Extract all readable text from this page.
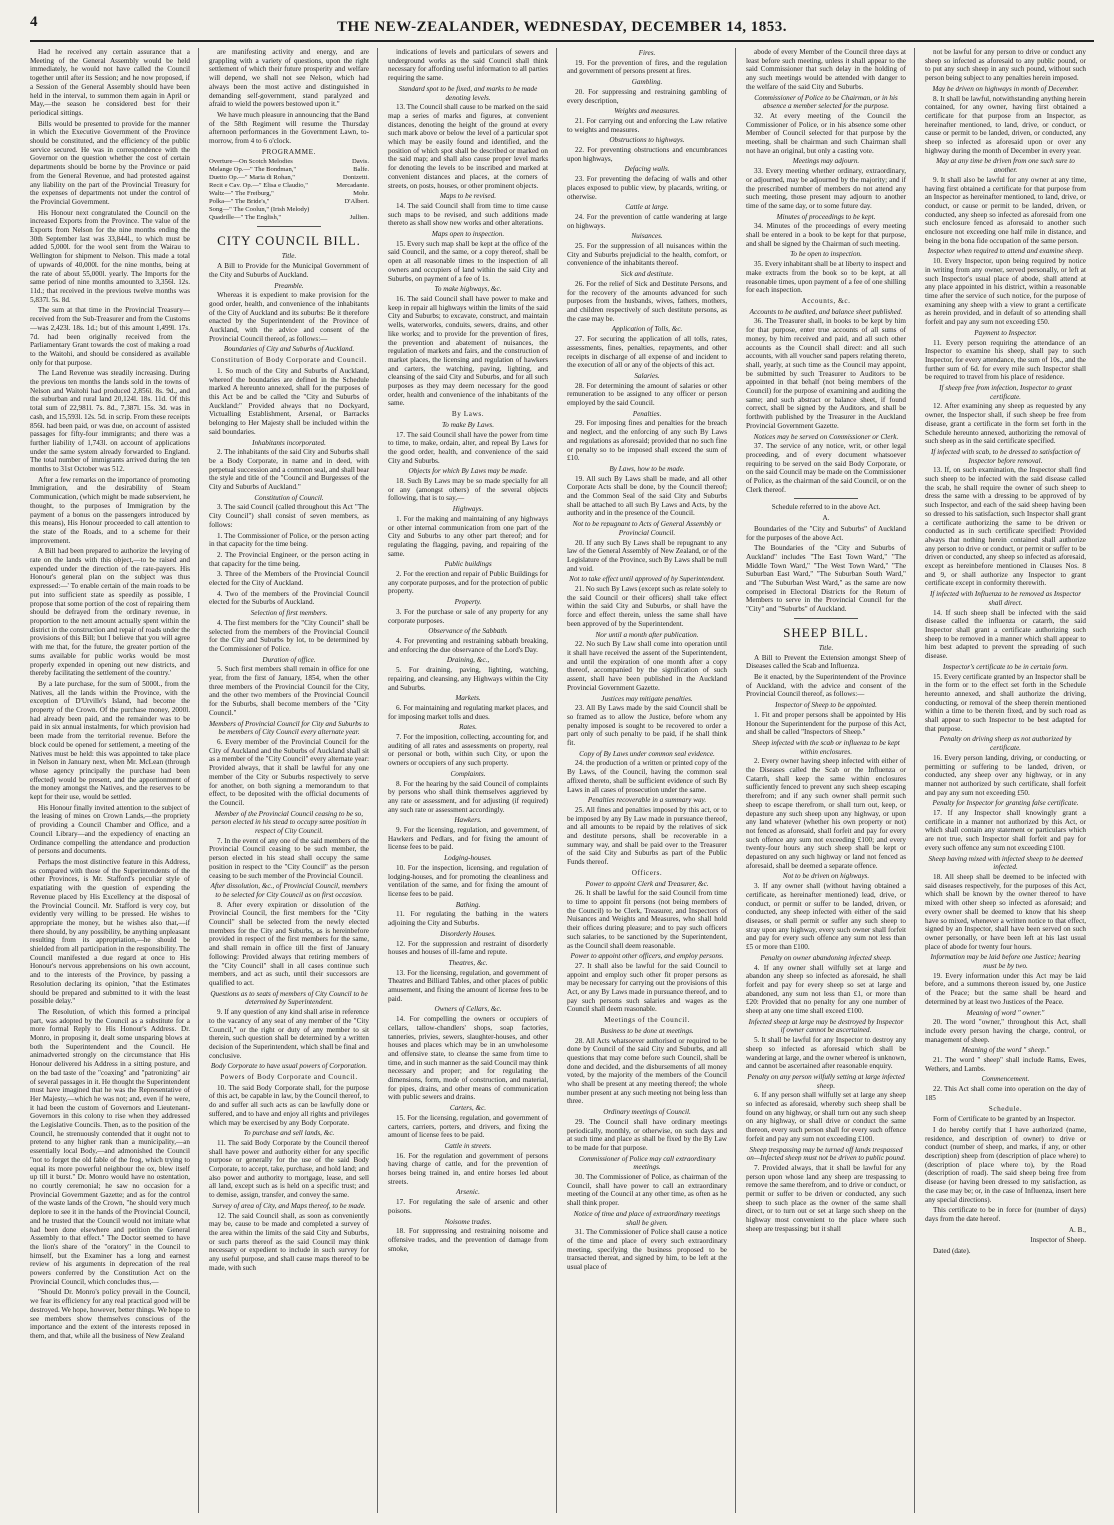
4	THE NEW-ZEALANDER, WEDNESDAY, DECEMBER 14, 1853.

Had he received any certain assurance that a Meeting of the General Assembly would be held immediately, he would not have called the Council together until after its Session; and he now proposed, if a Session of the General Assembly should have been held in the interval, to summon them again in April or May,—the season he considered best for their periodical sittings.

Bills would be presented to provide for the manner in which the Executive Government of the Province should be constituted, and the efficiency of the public service secured. He was in correspondence with the Governor on the question whether the cost of certain departments should be borne by the Province or paid from the General Revenue, and had protested against any liability on the part of the Provincial Treasury for the expenses of departments not under the control of the Provincial Government.

His Honour next congratulated the Council on the increased Exports from the Province. The value of the Exports from Nelson for the nine months ending the 30th September last was 33,844l., to which must be added 5,000l. for the wool sent from the Wairau to Wellington for shipment to Nelson. This made a total of upwards of 40,000l. for the nine months, being at the rate of about 55,000l. yearly. The Imports for the same period of nine months amounted to 3,356l. 12s. 11d.; that received in the previous twelve months was 5,837l. 5s. 8d.

The sum at that time in the Provincial Treasury—received from the Sub-Treasurer and from the Customs—was 2,423l. 18s. 1d.; but of this amount 1,499l. 17s. 7d. had been originally received from the Parliamentary Grant towards the cost of making a road to the Waitohi, and should be considered as available only for that purpose.

The Land Revenue was steadily increasing. During the previous ten months the lands sold in the towns of Nelson and Waitohi had produced 2,856l. 8s. 9d., and the suburban and rural land 20,124l. 18s. 11d. Of this total sum of 22,981l. 7s. 8d., 7,387l. 15s. 3d. was in cash, and 15,593l. 12s. 5d. in scrip. From these receipts 856l. had been paid, or was due, on account of assisted passages for fifty-four immigrants; and there was a further liability of 1,743l. on account of applications under the same system already forwarded to England. The total number of immigrants arrived during the ten months to 31st October was 512.

After a few remarks on the importance of promoting Immigration, and the desirability of Steam Communication, (which might be made subservient, he thought, to the purposes of Immigration by the payment of a bonus on the passengers introduced by this means), His Honour proceeded to call attention to the state of the Roads, and to a scheme for their improvement.

A Bill had been prepared to authorize the levying of rate on the lands with this object,—to be raised and expended under the direction of the rate-payers. His Honour's general plan on the subject was thus expressed:—' To enable certain of the main roads to be put into sufficient state as speedily as possible, I propose that some portion of the cost of repairing them should be defrayed from the ordinary revenue, in proportion to the nett amount actually spent within the district in the construction and repair of roads under the provisions of this Bill; but I believe that you will agree with me that, for the future, the greater portion of the sums available for public works would be most properly expended in opening out new districts, and thereby facilitating the settlement of the country.'

By a late purchase, for the sum of 5000l., from the Natives, all the lands within the Province, with the exception of D'Urville's Island, had become the property of the Crown. Of the purchase money, 2000l. had already been paid, and the remainder was to be paid in six annual instalments, for which provision had been made from the territorial revenue. Before the block could be opened for settlement, a meeting of the Natives must be held: this was appointed to take place in Nelson in January next, when Mr. McLean (through whose agency principally the purchase had been effected) would be present, and the apportionment of the money amongst the Natives, and the reserves to be kept for their use, would be settled.

His Honour finally invited attention to the subject of the leasing of mines on Crown Lands,—the propriety of providing a Council Chamber and Office, and a Council Library—and the expediency of enacting an Ordinance compelling the attendance and production of persons and documents.

Perhaps the most distinctive feature in this Address, as compared with those of the Superintendents of the other Provinces, is Mr. Stafford's peculiar style of expatiating with the question of expending the Revenue placed by His Excellency at the disposal of the Provincial Council. Mr. Stafford is very coy, but evidently very willing to be pressed. He wishes to appropriate the money, but he wishes also that,—if there should, by any possibility, be anything unpleasant resulting from its appropriation,—he should be shielded from all participation in the responsibility. The Council manifested a due regard at once to His Honour's nervous apprehensions on his own account, and to the interests of the Province, by passing a Resolution declaring its opinion, "that the Estimates should be prepared and submitted to it with the least possible delay."

The Resolution, of which this formed a principal part, was adopted by the Council as a substitute for a more formal Reply to His Honour's Address. Dr. Monro, in proposing it, dealt some unsparing blows at both the Superintendent and the Council. He animadverted strongly on the circumstance that His Honour delivered his Address in a sitting posture, and on the bad taste of the "coaxing" and "patronizing" air of several passages in it. He thought the Superintendent must have imagined that he was the Representative of Her Majesty,—which he was not; and, even if he were, it had been the custom of Governors and Lieutenant-Governors in this colony to rise when they addressed the Legislative Councils. Then, as to the position of the Council, he strenuously contended that it ought not to pretend to any higher rank than a municipality,—an essentially local Body,—and admonished the Council "not to forget the old fable of the frog, which trying to equal its more powerful neighbour the ox, blew itself up till it burst." Dr. Monro would have no ostentation, no courtly ceremonial; he saw no occasion for a Provincial Government Gazette; and as for the control of the waste lands of the Crown, "he should very much deplore to see it in the hands of the Provincial Council, and he trusted that the Council would not imitate what had been done elsewhere and petition the General Assembly to that effect." The Doctor seemed to have the lion's share of the "oratory" in the Council to himself, but the Examiner has a long and earnest review of his arguments in deprecation of the real powers conferred by the Constitution Act on the Provincial Council, which concludes thus,—

"Should Dr. Monro's policy prevail in the Council, we fear its efficiency for any real practical good will be destroyed. We hope, however, better things. We hope to see members show themselves conscious of the importance and the extent of the interests reposed in them, and that, while all the business of New Zealand

are manifesting activity and energy, and are grappling with a variety of questions, upon the right settlement of which their future prosperity and welfare will depend, we shall not see Nelson, which had always been the most active and distinguished in demanding self-government, stand paralyzed and afraid to wield the powers bestowed upon it."

We have much pleasure in announcing that the Band of the 58th Regiment will resume the Thursday afternoon performances in the Government Lawn, to-morrow, from 4 to 6 o'clock.

PROGRAMME.
Overture—On Scotch Melodies	Davis.
Melange Op.—" The Bondman,"	Balfe.
Duetto Op.—" Maria di Rohan,"	Donizetti.
Recit e Cav. Op.—" Elisa e Claudio,"	Mercadante.
Waltz—" The Freiburg,"	Mohr.
Polka—" The Bride's,"	D'Albert.
Song—" The Coolun," (Irish Melody)
Quadrille—" The English,"	Jullien.
CITY COUNCIL BILL.
Title.

A Bill to Provide for the Municipal Government of the City and Suburbs of Auckland.

Preamble.

Whereas it is expedient to make provision for the good order, health, and convenience of the inhabitants of the City of Auckland and its suburbs: Be it therefore enacted by the Superintendent of the Province of Auckland, with the advice and consent of the Provincial Council thereof, as follows:—

Boundaries of City and Suburbs of Auckland.
Constitution of Body Corporate and Council.

1. So much of the City and Suburbs of Auckland, whereof the boundaries are defined in the Schedule marked A hereunto annexed, shall for the purposes of this Act be and be called the "City and Suburbs of Auckland:" Provided always that no Dockyard, Victualling Establishment, Arsenal, or Barracks belonging to Her Majesty shall be included within the said boundaries.

Inhabitants incorporated.

2. The inhabitants of the said City and Suburbs shall be a Body Corporate, in name and in deed, with perpetual succession and a common seal, and shall bear the style and title of the "Council and Burgesses of the City and Suburbs of Auckland."

Constitution of Council.

3. The said Council (called throughout this Act "The City Council") shall consist of seven members, as follows:

1. The Commissioner of Police, or the person acting in that capacity for the time being.

2. The Provincial Engineer, or the person acting in that capacity for the time being.

3. Three of the Members of the Provincial Council elected for the City of Auckland.

4. Two of the members of the Provincial Council elected for the Suburbs of Auckland.

Selection of first members.

4. The first members for the "City Council" shall be selected from the members of the Provincial Council for the City and Suburbs by lot, to be determined by the Commissioner of Police.

Duration of office.

5. Such first members shall remain in office for one year, from the first of January, 1854, when the other three members of the Provincial Council for the City, and the other two members of the Provincial Council for the Suburbs, shall become members of the "City Council."

Members of Provincial Council for City and Suburbs to be members of City Council every alternate year.

6. Every member of the Provincial Council for the City of Auckland and the Suburbs of Auckland shall sit as a member of the "City Council" every alternate year: Provided always, that it shall be lawful for any one member of the City or Suburbs respectively to serve for another, on both signing a memorandum to that effect, to be deposited with the official documents of the Council.

Member of the Provincial Council ceasing to be so, person elected in his stead to occupy same position in respect of City Council.

7. In the event of any one of the said members of the Provincial Council ceasing to be such member, the person elected in his stead shall occupy the same position in respect to the "City Council" as the person ceasing to be such member of the Provincial Council.

After dissolution, &c., of Provincial Council, members to be selected for City Council as on first occasion.

8. After every expiration or dissolution of the Provincial Council, the first members for the "City Council" shall be selected from the newly elected members for the City and Suburbs, as is hereinbefore provided in respect of the first members for the same, and shall remain in office till the first of January following: Provided always that retiring members of the "City Council" shall in all cases continue such members, and act as such, until their successors are qualified to act.

Questions as to seats of members of City Council to be determined by Superintendent.

9. If any question of any kind shall arise in reference to the vacancy of any seat of any member of the "City Council," or the right or duty of any member to sit therein, such question shall be determined by a written decision of the Superintendent, which shall be final and conclusive.

Body Corporate to have usual powers of Corporation.
Powers of Body Corporate and Council.

10. The said Body Corporate shall, for the purpose of this act, be capable in law, by the Council thereof, to do and suffer all such acts as can be lawfully done or suffered, and to have and enjoy all rights and privileges which may be exercised by any Body Corporate.

To purchase and sell lands, &c.

11. The said Body Corporate by the Council thereof shall have power and authority either for any specific purpose or generally for the use of the said Body Corporate, to accept, take, purchase, and hold land; and also power and authority to mortgage, lease, and sell all land, except such as is held on a specific trust; and to demise, assign, transfer, and convey the same.

Survey of area of City, and Maps thereof, to be made.

12. The said Council shall, as soon as conveniently may be, cause to be made and completed a survey of the area within the limits of the said City and Suburbs, or such parts thereof as the said Council may think necessary or expedient to include in such survey for any useful purpose, and shall cause maps thereof to be made, with such

indications of levels and particulars of sewers and underground works as the said Council shall think necessary for affording useful information to all parties requiring the same.

Standard spot to be fixed, and marks to be made denoting levels.

13. The Council shall cause to be marked on the said map a series of marks and figures, at convenient distances, denoting the height of the ground at every such mark above or below the level of a particular spot which may be easily found and identified, and the position of which spot shall be described or marked on the said map; and shall also cause proper level marks for denoting the levels to be inscribed and marked at convenient distances and places, at the corners of streets, on posts, houses, or other prominent objects.

Maps to be revised.

14. The said Council shall from time to time cause such maps to be revised, and such additions made thereto as shall show new works and other alterations.

Maps open to inspection.

15. Every such map shall be kept at the office of the said Council, and the same, or a copy thereof, shall be open at all reasonable times to the inspection of all owners and occupiers of land within the said City and Suburbs, on payment of a fee of 1s.

To make highways, &c.

16. The said Council shall have power to make and keep in repair all highways within the limits of the said City and Suburbs; to excavate, construct, and maintain wells, waterworks, conduits, sewers, drains, and other like works; and to provide for the prevention of fires, the prevention and abatement of nuisances, the regulation of markets and fairs, and the construction of market places, the licensing and regulation of hawkers and carters, the watching, paving, lighting, and cleansing of the said City and Suburbs, and for all such purposes as they may deem necessary for the good order, health and convenience of the inhabitants of the same.

By Laws.
To make By Laws.

17. The said Council shall have the power from time to time, to make, ordain, alter, and repeal By Laws for the good order, health, and convenience of the said City and Suburbs.

Objects for which By Laws may be made.

18. Such By Laws may be so made specially for all or any (amongst others) of the several objects following, that is to say,—

Highways.

1. For the making and maintaining of any highways or other internal communication from one part of the City and Suburbs to any other part thereof; and for regulating the flagging, paving, and repairing of the same.

Public buildings

2. For the erection and repair of Public Buildings for any corporate purposes, and for the protection of public property.

Property.

3. For the purchase or sale of any property for any corporate purposes.

Observance of the Sabbath.

4. For preventing and restraining sabbath breaking, and enforcing the due observance of the Lord's Day.

Draining, &c.,

5. For draining, paving, lighting, watching, repairing, and cleansing, any Highways within the City and Suburbs.

Markets.

6. For maintaining and regulating market places, and for imposing market tolls and dues.

Rates.

7. For the imposition, collecting, accounting for, and auditing of all rates and assessments on property, real or personal or both, within such City, or upon the owners or occupiers of any such property.

Complaints.

8. For the hearing by the said Council of complaints by persons who shall think themselves aggrieved by any rate or assessment, and for adjusting (if required) any such rate or assessment accordingly.

Hawkers.

9. For the licensing, regulation, and government, of Hawkers and Pedlars, and for fixing the amount of license fees to be paid.

Lodging-houses.

10. For the inspection, licensing, and regulation of lodging-houses, and for promoting the cleanliness and ventilation of the same, and for fixing the amount of license fees to be paid.

Bathing.

11. For regulating the bathing in the waters adjoining the City and Suburbs.

Disorderly Houses.

12. For the suppression and restraint of disorderly houses and houses of ill-fame and repute.

Theatres, &c.

13. For the licensing, regulation, and government of Theatres and Billiard Tables, and other places of public amusement, and fixing the amount of license fees to be paid.

Owners of Cellars, &c.

14. For compelling the owners or occupiers of cellars, tallow-chandlers' shops, soap factories, tanneries, privies, sewers, slaughter-houses, and other houses and places which may be in an unwholesome and offensive state, to cleanse the same from time to time, and in such manner as the said Council may think necessary and proper; and for regulating the dimensions, form, mode of construction, and material, for pipes, drains, and other means of communication with public sewers and drains.

Carters, &c.

15. For the licensing, regulation, and government of carters, carriers, porters, and drivers, and fixing the amount of license fees to be paid.

Cattle in streets.

16. For the regulation and government of persons having charge of cattle, and for the prevention of horses being trained in, and entire horses led about streets.

Arsenic.

17. For regulating the sale of arsenic and other poisons.

Noisome trades.

18. For suppressing and restraining noisome and offensive trades, and the prevention of damage from smoke,

Fires.

19. For the prevention of fires, and the regulation and government of persons present at fires.

Gambling.

20. For suppressing and restraining gambling of every description,

Weights and measures.

21. For carrying out and enforcing the Law relative to weights and measures.

Obstructions to highways.

22. For preventing obstructions and encumbrances upon highways,

Defacing walls.

23. For preventing the defacing of walls and other places exposed to public view, by placards, writing, or otherwise.

Cattle at large.

24. For the prevention of cattle wandering at large on highways.

Nuisances.

25. For the suppression of all nuisances within the City and Suburbs prejudicial to the health, comfort, or convenience of the inhabitants thereof.

Sick and destitute.

26. For the relief of Sick and Destitute Persons, and for the recovery of the amounts advanced for such purposes from the husbands, wives, fathers, mothers, and children respectively of such destitute persons, as the case may be.

Application of Tolls, &c.

27. For securing the application of all tolls, rates, assessments, fines, penalties, repayments, and other receipts in discharge of all expense of and incident to the execution of all or any of the objects of this act.

Salaries.

28. For determining the amount of salaries or other remuneration to be assigned to any officer or person employed by the said Council.

Penalties.

29. For imposing fines and penalties for the breach and neglect, and the enforcing of any such By Laws and regulations as aforesaid; provided that no such fine or penalty so to be imposed shall exceed the sum of £10.

By Laws, how to be made.

19. All such By Laws shall be made, and all other Corporate Acts shall be done, by the Council thereof; and the Common Seal of the said City and Suburbs shall be attached to all such By Laws and Acts, by the authority and in the presence of the Council.

Not to be repugnant to Acts of General Assembly or Provincial Council.

20. If any such By Laws shall be repugnant to any law of the General Assembly of New Zealand, or of the Legislature of the Province, such By Laws shall be null and void.

Not to take effect until approved of by Superintendent.

21. No such By Laws (except such as relate solely to the said Council or their officers) shall take effect within the said City and Suburbs, or shall have the force and effect therein, unless the same shall have been approved of by the Superintendent.

Nor until a month after publication.

22. No such By Law shall come into operation until it shall have received the assent of the Superintendent, and until the expiration of one month after a copy thereof, accompanied by the signification of such assent, shall have been published in the Auckland Provincial Government Gazette.

Justices may mitigate penalties.

23. All By Laws made by the said Council shall be so framed as to allow the Justice, before whom any penalty imposed is sought to be recovered to order a part only of such penalty to be paid, if he shall think fit.

Copy of By Laws under common seal evidence.

24. the production of a written or printed copy of the By Laws, of the Council, having the common seal affixed thereto, shall be sufficient evidence of such By Laws in all cases of prosecution under the same.

Penalties recoverable in a summary way.

25. All fines and penalties imposed by this act, or to be imposed by any By Law made in pursuance thereof, and all amounts to be repaid by the relatives of sick and destitute persons, shall be recoverable in a summary way, and shall be paid over to the Treasurer of the said City and Suburbs as part of the Public Funds thereof.

Officers.
Power to appoint Clerk and Treasurer, &c.

26. It shall be lawful for the said Council from time to time to appoint fit persons (not being members of the Council) to be Clerk, Treasurer, and Inspectors of Nuisances and Weights and Measures, who shall hold their offices during pleasure; and to pay such officers such salaries, to be sanctioned by the Superintendent, as the Council shall deem reasonable.

Power to appoint other officers, and employ persons.

27. It shall also be lawful for the said Council to appoint and employ such other fit proper persons as may be necessary for carrying out the provisions of this Act, or any By Laws made in pursuance thereof, and to pay such persons such salaries and wages as the Council shall deem reasonable.

Meetings of the Council.
Business to be done at meetings.

28. All Acts whatsoever authorised or required to be done by Council of the said City and Suburbs, and all questions that may come before such Council, shall be done and decided, and the disbursements of all money voted, by the majority of the members of the Council who shall be present at any meeting thereof; the whole number present at any such meeting not being less than three.

Ordinary meetings of Council.

29. The Council shall have ordinary meetings periodically, monthly, or otherwise, on such days and at such time and place as shall be fixed by the By Law to be made for that purpose.

Commissioner of Police may call extraordinary meetings.

30. The Commissioner of Police, as chairman of the Council, shall have power to call an extraordinary meeting of the Council at any other time, as often as he shall think proper.

Notice of time and place of extraordinary meetings shall be given.

31. The Commissioner of Police shall cause a notice of the time and place of every such extraordinary meeting, specifying the business proposed to be transacted thereat, and signed by him, to be left at the usual place of

abode of every Member of the Council three days at least before such meeting, unless it shall appear to the said Commissioner that such delay in the holding of any such meetings would be attended with danger to the welfare of the said City and Suburbs.

Commissioner of Police to be Chairman, or in his absence a member selected for the purpose.

32. At every meeting of the Council the Commissioner of Police, or in his absence some other Member of Council selected for that purpose by the meeting, shall be chairman and such Chairman shall not have an original, but only a casting vote.

Meetings may adjourn.

33. Every meeting whether ordinary, extraordinary, or adjourned, may be adjourned by the majority; and if the prescribed number of members do not attend any such meeting, those present may adjourn to another time of the same day, or to some future day.

Minutes of proceedings to be kept.

34. Minutes of the proceedings of every meeting shall be entered in a book to be kept for that purpose, and shall be signed by the Chairman of such meeting.

To be open to inspection.

35. Every inhabitant shall be at liberty to inspect and make extracts from the book so to be kept, at all reasonable times, upon payment of a fee of one shilling for each inspection.

Accounts, &c.
Accounts to be audited, and balance sheet published.

36. The Treasurer shall, in books to be kept by him for that purpose, enter true accounts of all sums of money, by him received and paid, and all such other accounts as the Council shall direct: and all such accounts, with all voucher sand papers relating thereto, shall, yearly, at such time as the Council may appoint, be submitted by such Treasurer to Auditors to be appointed in that behalf (not being members of the Council) for the purpose of examining and auditing the same; and such abstract or balance sheet, if found correct, shall be signed by the Auditors, and shall be forthwith published by the Treasurer in the Auckland Provincial Government Gazette.

Notices may be served on Commissioner or Clerk.

37. The service of any notice, writ, or other legal proceeding, and of every document whatsoever requiring to be served on the said Body Corporate, or on the said Council may be made on the Commissioner of Police, as the chairman of the said Council, or on the Clerk thereof.

Schedule referred to in the above Act.

A.

Boundaries of the "City and Suburbs" of Auckland for the purposes of the above Act.

The Boundaries of the "City and Suburbs of Auckland" includes "The East Town Ward," "The Middle Town Ward," "The West Town Ward," "The Suburban East Ward," "The Suburban South Ward," and "The Suburban West Ward," as the same are now comprised in Electoral Districts for the Return of Members to serve in the Provincial Council for the "City" and "Suburbs" of Auckland.

SHEEP BILL.
Title.

A Bill to Prevent the Extension amongst Sheep of Diseases called the Scab and Influenza.

Be it enacted, by the Superintendent of the Province of Auckland, with the advice and consent of the Provincial Council thereof, as follows:—

Inspector of Sheep to be appointed.

1. Fit and proper persons shall be appointed by His Honour the Superintendent for the purpose of this Act, and shall be called "Inspectors of Sheep."

Sheep infected with the scab or influenza to be kept within enclosures.

2. Every owner having sheep infected with either of the Diseases called the Scab or the Influenza or Catarrh, shall keep the same within enclosures sufficiently fenced to prevent any such sheep escaping therefrom; and if any such owner shall permit such sheep to escape therefrom, or shall turn out, keep, or depasture any such sheep upon any highway, or upon any land whatever (whether his own property or not) not fenced as aforesaid, shall forfeit and pay for every such offence any sum not exceeding £100; and every twenty-four hours any such sheep shall be kept or depastured on any such highway or land not fenced as aforesaid, shall be deemed a separate offence.

Not to be driven on highways.

3. If any owner shall (without having obtained a certificate, as hereinafter mentioned) lead, drive, or conduct, or permit or suffer to be landed, driven, or conducted, any sheep infected with either of the said diseases, or shall permit or suffer any such sheep to stray upon any highway, every such owner shall forfeit and pay for every such offence any sum not less than £5 or more than £100.

Penalty on owner abandoning infected sheep.

4. If any owner shall wilfully set at large and abandon any sheep so infected as aforesaid, he shall forfeit and pay for every sheep so set at large and abandoned, any sum not less than £1, or more than £20: Provided that no penalty for any one number of sheep at any one time shall exceed £100.

Infected sheep at large may be destroyed by Inspector if owner cannot be ascertained.

5. It shall be lawful for any Inspector to destroy any sheep so infected as aforesaid which shall be wandering at large, and the owner whereof is unknown, and cannot be ascertained after reasonable enquiry.

Penalty on any person wilfully setting at large infected sheep.

6. If any person shall wilfully set at large any sheep so infected as aforesaid, whereby such sheep shall be found on any highway, or shall turn out any such sheep on any highway, or shall drive or conduct the same thereon, every such person shall for every such offence forfeit and pay any sum not exceeding £100.

Sheep trespassing may be turned off lands trespassed on—Infected sheep must not be driven to public pound.

7. Provided always, that it shall be lawful for any person upon whose land any sheep are trespassing to remove the same therefrom, and to drive or conduct, or permit or suffer to be driven or conducted, any such sheep to such place as the owner of the same shall direct, or to turn out or set at large such sheep on the highway most convenient to the place where such sheep are trespassing; but it shall

not be lawful for any person to drive or conduct any sheep so infected as aforesaid to any public pound, or to put any such sheep in any such pound, without such person being subject to any penalties herein imposed.

May be driven on highways in month of December.

8. It shall be lawful, notwithstanding anything herein contained, for any owner, having first obtained a certificate for that purpose from an Inspector, as hereinafter mentioned, to land, drive, or conduct, or cause or permit to be landed, driven, or conducted, any sheep so infected as aforesaid upon or over any highway during the month of December in every year.

May at any time be driven from one such sure to another.

9. It shall also be lawful for any owner at any time, having first obtained a certificate for that purpose from an Inspector as hereinafter mentioned, to land, drive, or conduct, or cause or permit to be landed, driven, or conducted, any sheep so infected as aforesaid from one such enclosure fenced as aforesaid to another such enclosure not exceeding one half mile in distance, and being in the bona fide occupation of the same person.

Inspector when required to attend and examine sheep.

10. Every Inspector, upon being required by notice in writing from any owner, served personally, or left at such Inspector's usual place of abode, shall attend at any place appointed in his district, within a reasonable time after the service of such notice, for the purpose of examining any sheep with a view to grant a certificate as herein provided, and in default of so attending shall forfeit and pay any sum not exceeding £50.

Payment to Inspector.

11. Every person requiring the attendance of an Inspector to examine his sheep, shall pay to such Inspector, for every attendance, the sum of 10s., and the further sum of 6d. for every mile such Inspector shall be required to travel from his place of residence.

If sheep free from infection, Inspector to grant certificate.

12. After examining any sheep as requested by any owner, the Inspector shall, if such sheep be free from disease, grant a certificate in the form set forth in the Schedule hereunto annexed, authorizing the removal of such sheep as in the said certificate specified.

If infected with scab, to be dressed to satisfaction of Inspector before removal.

13. If, on such examination, the Inspector shall find such sheep to be infected with the said disease called the scab, he shall require the owner of such sheep to dress the same with a dressing to be approved of by such Inspector, and each of the said sheep having been so dressed to his satisfaction, such Inspector shall grant a certificate authorizing the same to be driven or conducted as in such certificate specified: Provided always that nothing herein contained shall authorize any person to drive or conduct, or permit or suffer to be driven or conducted, any sheep so infected as aforesaid, except as hereinbefore mentioned in Clauses Nos. 8 and 9, or shall authorize any Inspector to grant certificate except in conformity therewith.

If infected with Influenza to be removed as Inspector shall direct.

14. If such sheep shall be infected with the said disease called the influenza or catarrh, the said Inspector shall grant a certificate authorizing such sheep to be removed in a manner which shall appear to him best adapted to prevent the spreading of such disease.

Inspector's certificate to be in certain form.

15. Every certificate granted by an Inspector shall be in the form or to the effect set forth in the Schedule hereunto annexed, and shall authorize the driving, conducting, or removal of the sheep therein mentioned within a time to be therein fixed, and by such road as shall appear to such Inspector to be best adapted for that purpose.

Penalty on driving sheep as not authorized by certificate.

16. Every person landing, driving, or conducting, or permitting or suffering to be landed, driven, or conducted, any sheep over any highway, or in any manner not authorized by such certificate, shall forfeit and pay any sum not exceeding £50.

Penalty for Inspector for granting false certificate.

17. If any Inspector shall knowingly grant a certificate in a manner not authorized by this Act, or which shall contain any statement or particulars which are not true, such Inspector shall forfeit and pay for every such offence any sum not exceeding £100.

Sheep having mixed with infected sheep to be deemed infected.

18. All sheep shall be deemed to be infected with said diseases respectively, for the purposes of this Act, which shall be known by the owner thereof to have mixed with other sheep so infected as aforesaid; and every owner shall be deemed to know that his sheep have so mixed, whenever a written notice to that effect, signed by an Inspector, shall have been served on such owner personally, or have been left at his last usual place of abode for twenty four hours.

Information may be laid before one Justice; hearing must be by two.

19. Every information under this Act may be laid before, and a summons thereon issued by, one Justice of the Peace; but the same shall be heard and determined by at least two Justices of the Peace.

Meaning of word " owner."

20. The word "owner," throughout this Act, shall include every person having the charge, control, or management of sheep.

Meaning of the word " sheep."

21. The word " sheep" shall include Rams, Ewes, Wethers, and Lambs.

Commencement.

22. This Act shall come into operation on the day of 185

Schedule.

Form of Certificate to be granted by an Inspector.

I do hereby certify that I have authorized (name, residence, and description of owner) to drive or conduct (number of sheep, and marks, if any, or other description) sheep from (description of place where) to (description of place where to), by the Road (description of road). The said sheep being free from disease (or having been dressed to my satisfaction, as the case may be; or, in the case of Influenza, insert here any special directions).

This certificate to be in force for (number of days) days from the date hereof.

A. B.,

Inspector of Sheep.

Dated (date).
